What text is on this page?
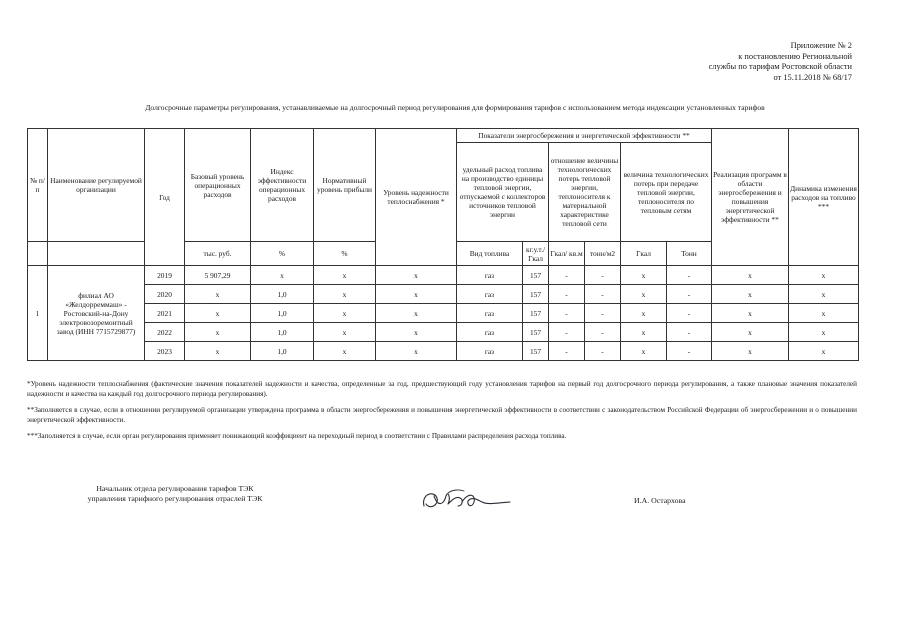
Приложение № 2
к постановлению Региональной
службы по тарифам Ростовской области
от 15.11.2018 № 68/17
Долгосрочные параметры регулирования, устанавливаемые на долгосрочный период регулирования для формирования тарифов с использованием метода индексации установленных тарифов
№ п/п	Наименование регулируемой организации	Год	Базовый уровень операционных расходов	Индекс эффективности операционных расходов	Нормативный уровень прибыли	Уровень надежности теплоснабжения *	Показатели энергосбережения и энергетической эффективности **						Реализация программ в области энергосбережения и повышения энергетической эффективности **	Динамика изменения расходов на топливо ***
							удельный расход топлива на производство единицы тепловой энергии, отпускаемой с коллекторов источников тепловой энергии		отношение величины технологических потерь тепловой энергии, теплоносителя к материальной характеристике тепловой сети		величина технологических потерь при передаче тепловой энергии, теплоносителя по тепловым сетям			
			тыс. руб.	%	%		Вид топлива	кг.у.т./Гкал	Гкал/ кв.м	тонн/м2	Гкал	Тонн		
1	филиал АО «Желдорреммаш» - Ростовский-на-Дону электровозоремонтный завод (ИНН 7715729877)	2019	5 907,29	х	х	х	газ	157	-	-	х	-	х	х
		2020	х	1,0	х	х	газ	157	-	-	х	-	х	х
		2021	х	1,0	х	х	газ	157	-	-	х	-	х	х
		2022	х	1,0	х	х	газ	157	-	-	х	-	х	х
		2023	х	1,0	х	х	газ	157	-	-	х	-	х	х

*Уровень надежности теплоснабжения (фактические значения показателей надежности и качества, определенные за год, предшествующий году установления тарифов на первый год долгосрочного периода регулирования, а также плановые значения показателей надежности и качества на каждый год долгосрочного периода регулирования).

**Заполняется в случае, если в отношении регулируемой организации утверждена программа в области энергосбережения и повышения энергетической эффективности в соответствии с законодательством Российской Федерации об энергосбережении и о повышении энергетической эффективности.

***Заполняется в случае, если орган регулирования применяет понижающий коэффициент на переходный период в соответствии с Правилами распределения расхода топлива.

Начальник отдела регулирования тарифов ТЭК
управления тарифного регулирования отраслей ТЭК	И.А. Остархова
